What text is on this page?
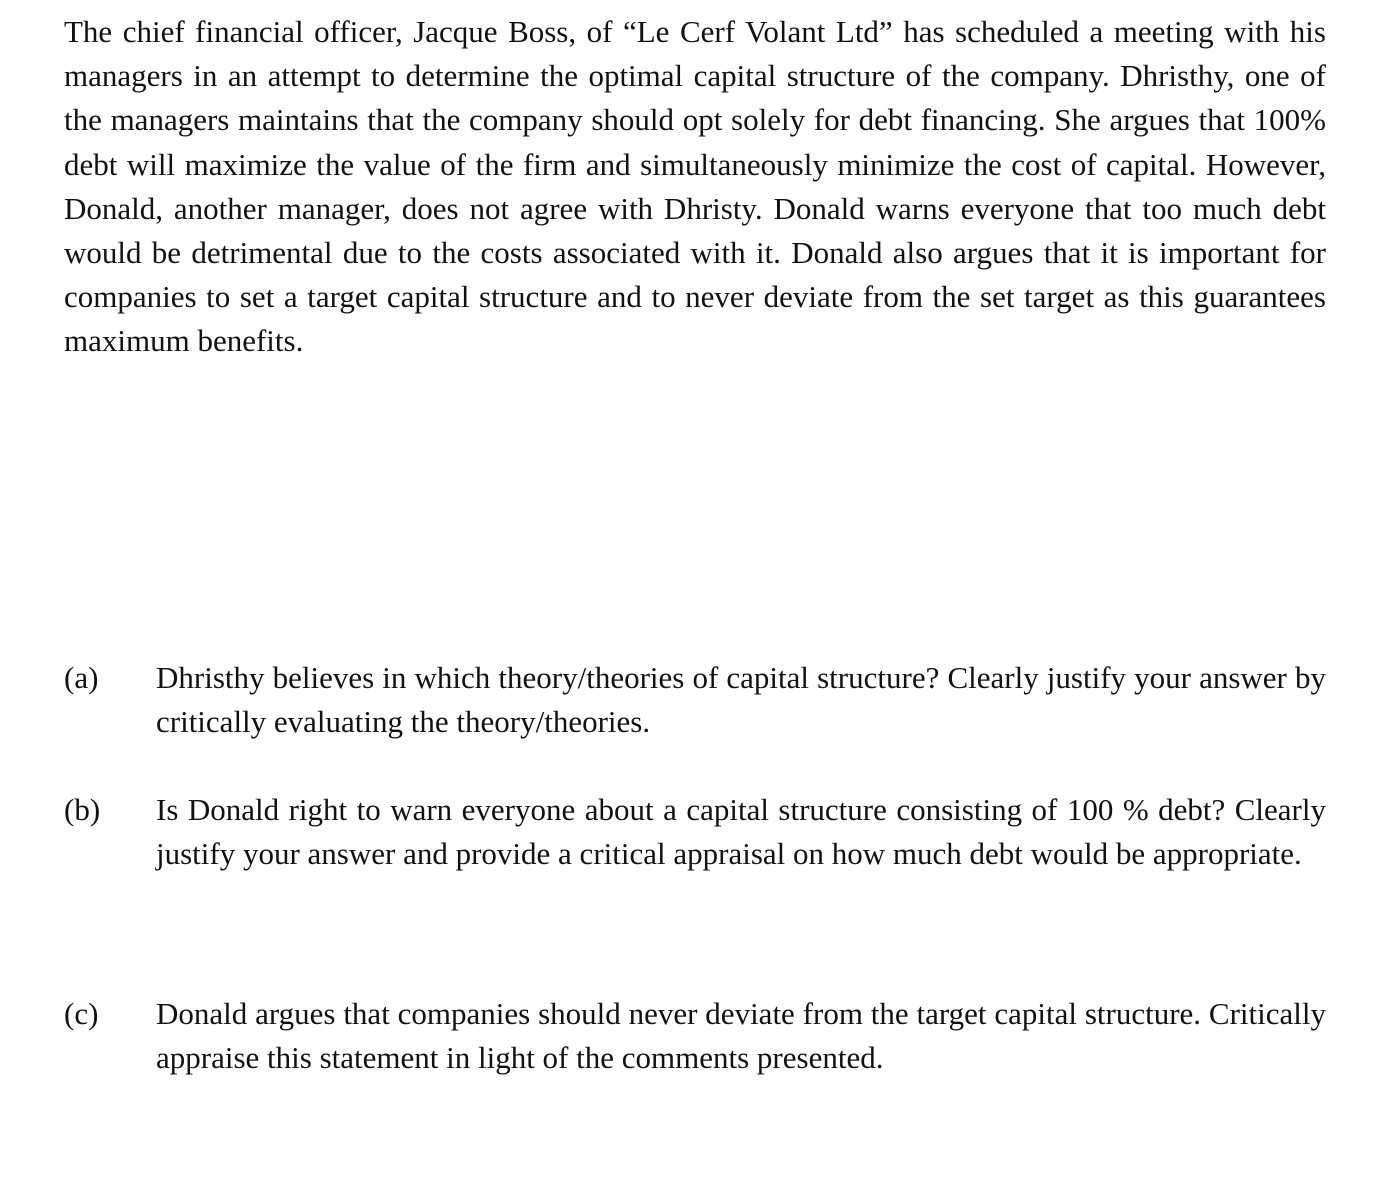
The chief financial officer, Jacque Boss, of “Le Cerf Volant Ltd” has scheduled a meeting with his managers in an attempt to determine the optimal capital structure of the company. Dhristhy, one of the managers maintains that the company should opt solely for debt financing. She argues that 100% debt will maximize the value of the firm and simultaneously minimize the cost of capital. However, Donald, another manager, does not agree with Dhristy. Donald warns everyone that too much debt would be detrimental due to the costs associated with it. Donald also argues that it is important for companies to set a target capital structure and to never deviate from the set target as this guarantees maximum benefits.

(a) Dhristhy believes in which theory/theories of capital structure? Clearly justify your answer by critically evaluating the theory/theories.

(b) Is Donald right to warn everyone about a capital structure consisting of 100 % debt? Clearly justify your answer and provide a critical appraisal on how much debt would be appropriate.

(c) Donald argues that companies should never deviate from the target capital structure. Critically appraise this statement in light of the comments presented.
